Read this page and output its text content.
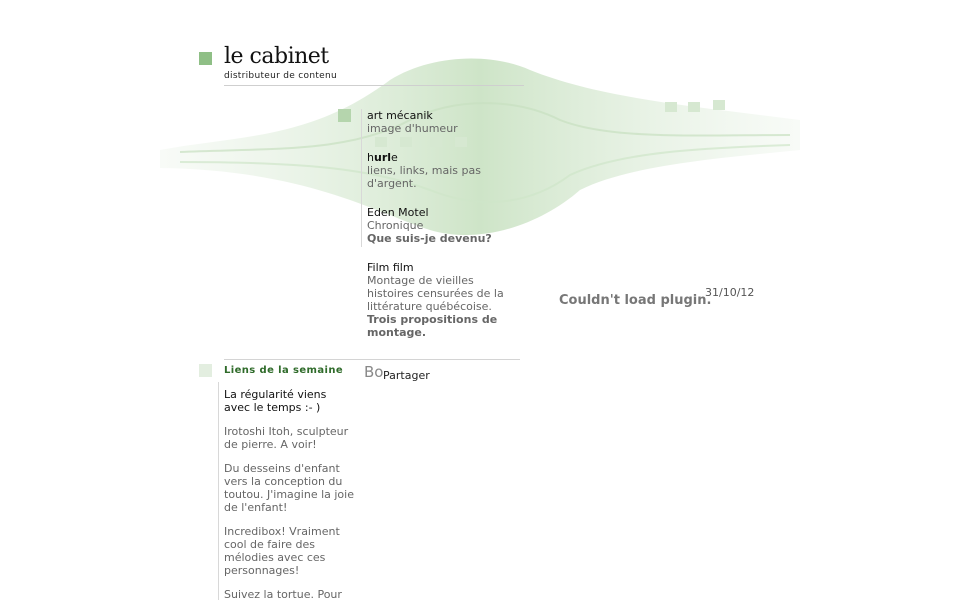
le cabinet
distributeur de contenu
art mécanik
image d'humeur
hurle
liens, links, mais pas d'argent.
Eden Motel
Chronique
Que suis-je devenu?
Film film
Montage de vieilles histoires censurées de la littérature québécoise.
Trois propositions de montage.
Couldn't load plugin.
31/10/12
Liens de la semaine Bo Partager
La régularité viens avec le temps :- )
Irotoshi Itoh, sculpteur de pierre. A voir!
Du desseins d'enfant vers la conception du toutou. J'imagine la joie de l'enfant!
Incredibox! Vraiment cool de faire des mélodies avec ces personnages!
Suivez la tortue. Pour
